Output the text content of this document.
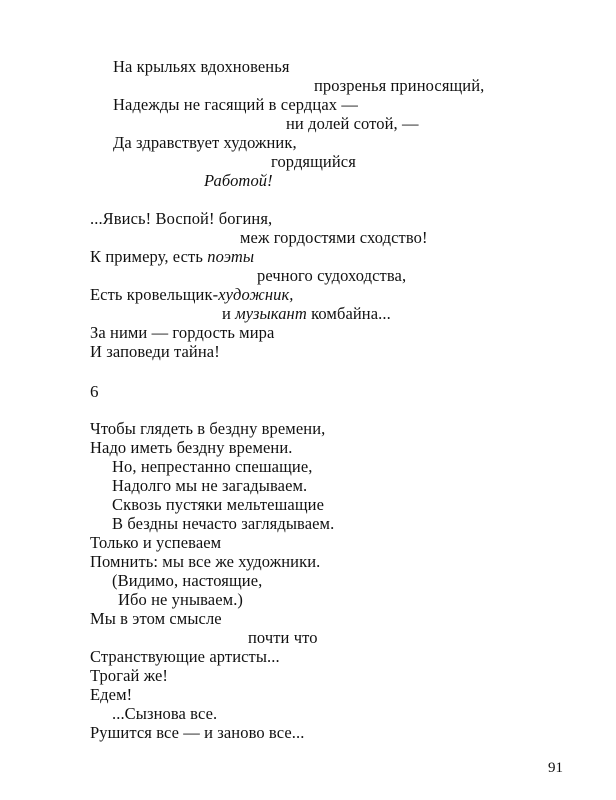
На крыльях вдохновенья
прозренья приносящий,
Надежды не гасящий в сердцах —
ни долей сотой, —
Да здравствует художник,
гордящийся
Работой!
...Явись! Воспой! богиня,
меж гордостями сходство!
К примеру, есть поэты
речного судоходства,
Есть кровельщик-художник,
и музыкант комбайна...
За ними — гордость мира
И заповеди тайна!
6
Чтобы глядеть в бездну времени,
Надо иметь бездну времени.
Но, непрестанно спешащие,
Надолго мы не загадываем.
Сквозь пустяки мельтешащие
В бездны нечасто заглядываем.
Только и успеваем
Помнить: мы все же художники.
(Видимо, настоящие,
Ибо не унываем.)
Мы в этом смысле
почти что
Странствующие артисты...
Трогай же!
Едем!
...Сызнова все.
Рушится все — и заново все...
91
